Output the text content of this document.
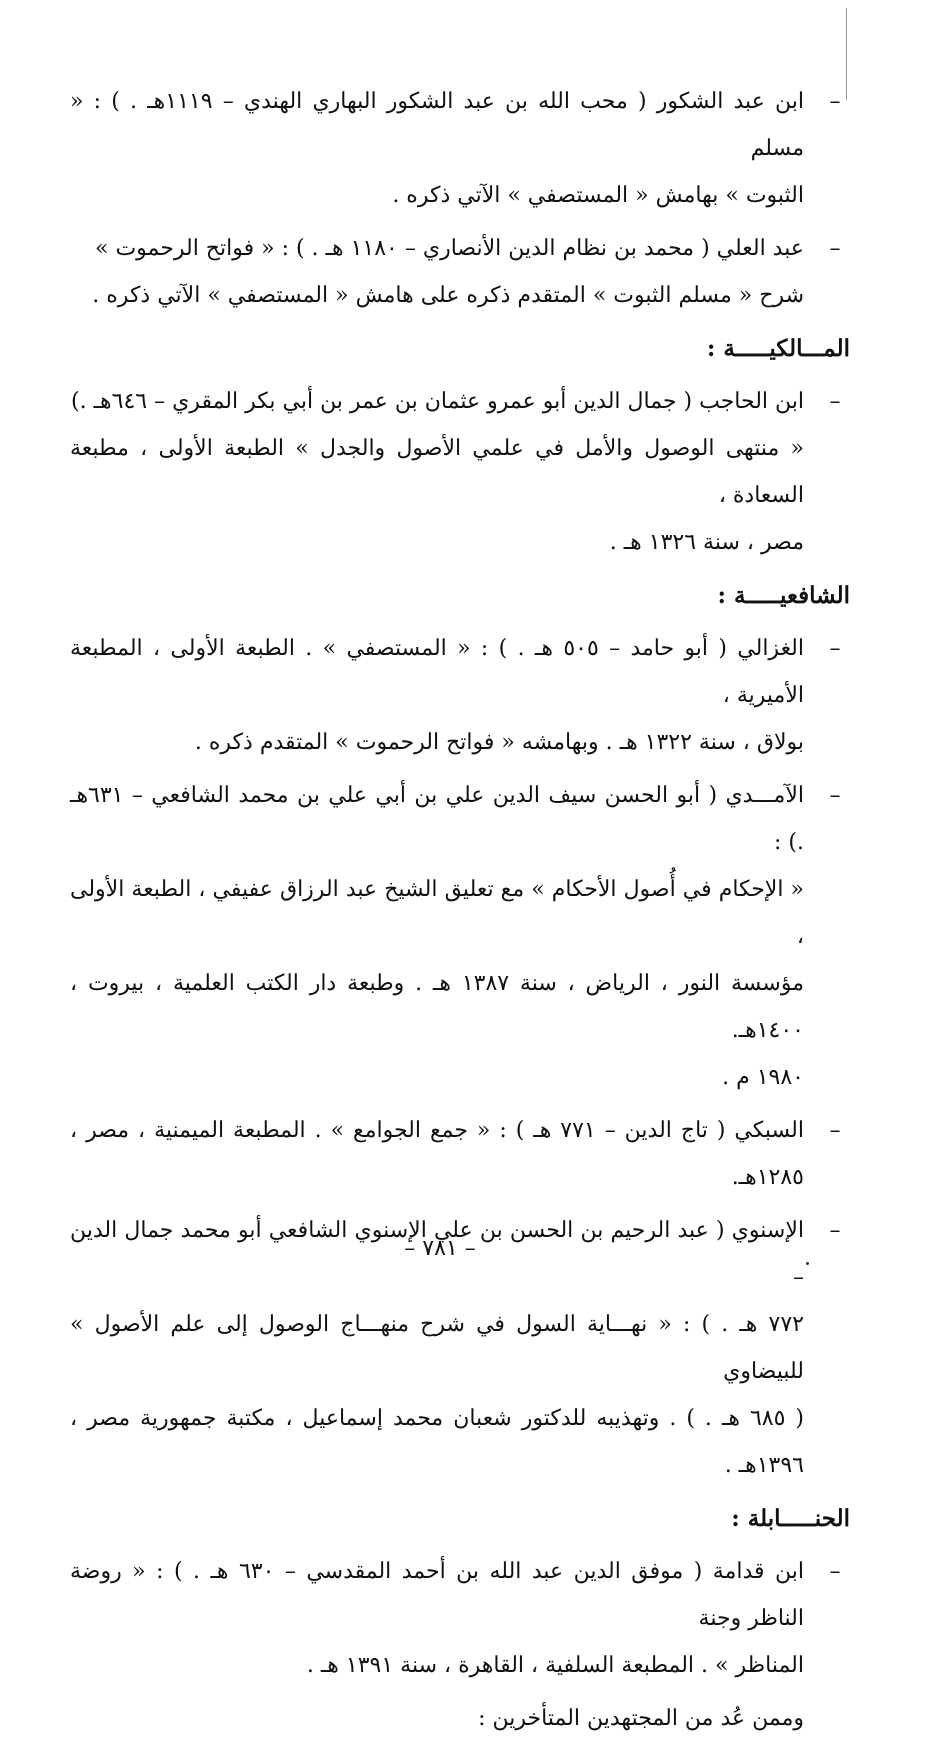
–
ابن عبد الشكور ( محب الله بن عبد الشكور البهاري الهندي – ١١١٩هـ . ) : « مسلم
الثبوت » بهامش « المستصفي » الآتي ذكره .
–
عبد العلي ( محمد بن نظام الدين الأنصاري – ١١٨٠ هـ . ) : « فواتح الرحموت »
شرح « مسلم الثبوت » المتقدم ذكره على هامش « المستصفي » الآتي ذكره .
المـــالكيـــــة :
–
ابن الحاجب ( جمال الدين أبو عمرو عثمان بن عمر بن أبي بكر المقري – ٦٤٦هـ .)
« منتهى الوصول والأمل في علمي الأصول والجدل » الطبعة الأولى ، مطبعة السعادة ،
مصر ، سنة ١٣٢٦ هـ .
الشافعيـــــة :
–
الغزالي ( أبو حامد – ٥٠٥ هـ . ) : « المستصفي » . الطبعة الأولى ، المطبعة الأميرية ،
بولاق ، سنة ١٣٢٢ هـ . وبهامشه « فواتح الرحموت » المتقدم ذكره .
–
الآمـــدي ( أبو الحسن سيف الدين علي بن أبي علي بن محمد الشافعي – ٦٣١هـ .) :
« الإحكام في أُصول الأحكام » مع تعليق الشيخ عبد الرزاق عفيفي ، الطبعة الأولى ،
مؤسسة النور ، الرياض ، سنة ١٣٨٧ هـ . وطبعة دار الكتب العلمية ، بيروت ، ١٤٠٠هـ.
١٩٨٠ م .
–
السبكي ( تاج الدين – ٧٧١ هـ ) : « جمع الجوامع » . المطبعة الميمنية ، مصر ، ١٢٨٥هـ.
–
الإسنوي ( عبد الرحيم بن الحسن بن علي الإسنوي الشافعي أبو محمد جمال الدين –
٧٧٢ هـ . ) : « نهـــاية السول في شرح منهـــاج الوصول إلى علم الأصول » للبيضاوي
( ٦٨٥ هـ . ) . وتهذيبه للدكتور شعبان محمد إسماعيل ، مكتبة جمهورية مصر ، ١٣٩٦هـ .
الحنـــــابلة :
–
ابن قدامة ( موفق الدين عبد الله بن أحمد المقدسي – ٦٣٠ هـ . ) : « روضة الناظر وجنة
المناظر » . المطبعة السلفية ، القاهرة ، سنة ١٣٩١ هـ .
وممن عُد من المجتهدين المتأخرين :
– ٧٨١ –
